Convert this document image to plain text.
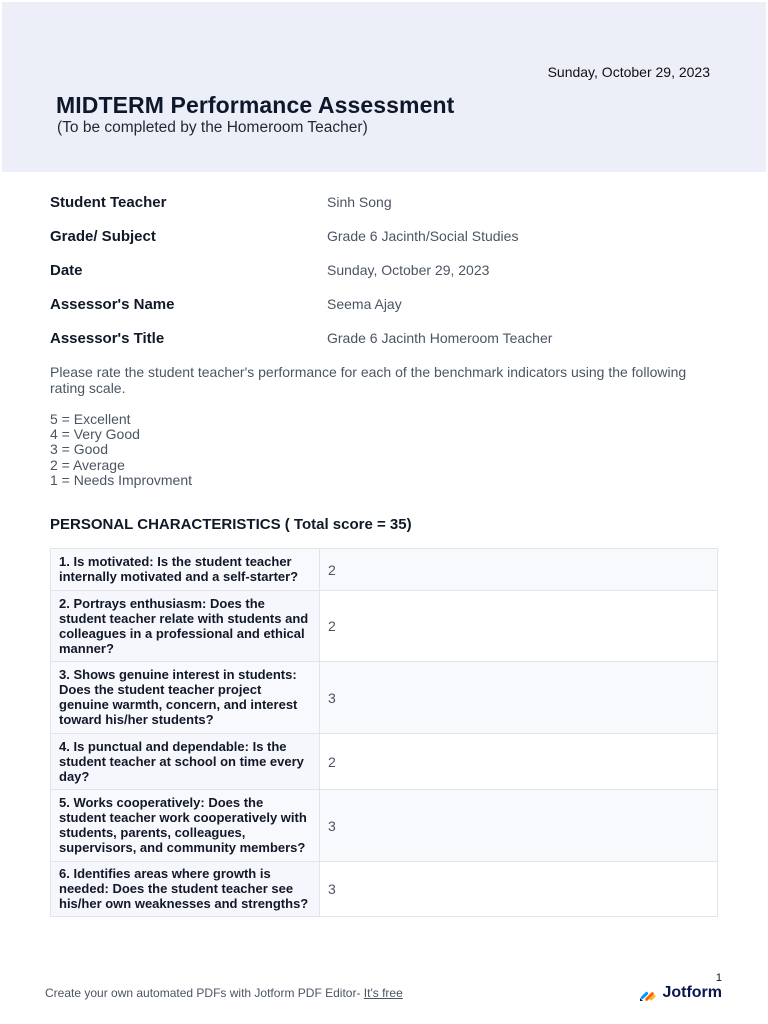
Sunday, October 29, 2023
MIDTERM Performance Assessment
(To be completed by the Homeroom Teacher)
Student Teacher	Sinh Song
Grade/ Subject	Grade 6 Jacinth/Social Studies
Date	Sunday, October 29, 2023
Assessor's Name	Seema Ajay
Assessor's Title	Grade 6 Jacinth Homeroom Teacher
Please rate the student teacher's performance for each of the benchmark indicators using the following rating scale.
5 = Excellent
4 = Very Good
3 = Good
2 = Average
1 = Needs Improvment
PERSONAL CHARACTERISTICS ( Total score = 35)
1. Is motivated: Is the student teacher internally motivated and a self-starter?	2
2. Portrays enthusiasm: Does the student teacher relate with students and colleagues in a professional and ethical manner?	2
3. Shows genuine interest in students: Does the student teacher project genuine warmth, concern, and interest toward his/her students?	3
4. Is punctual and dependable: Is the student teacher at school on time every day?	2
5. Works cooperatively: Does the student teacher work cooperatively with students, parents, colleagues, supervisors, and community members?	3
6. Identifies areas where growth is needed: Does the student teacher see his/her own weaknesses and strengths?	3
1
Create your own automated PDFs with Jotform PDF Editor- It's free	Jotform
